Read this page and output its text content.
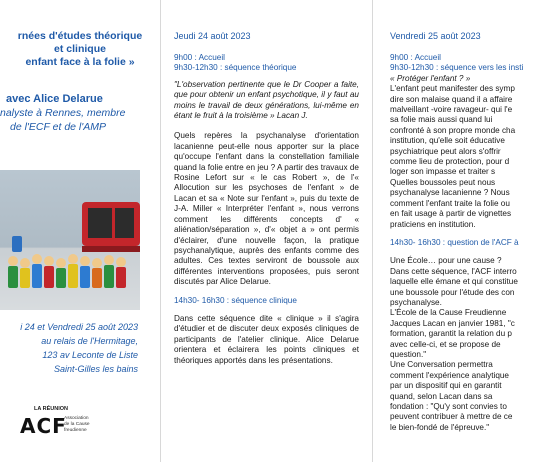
rnées d'études théorique
et clinique
enfant face à la folie »
avec Alice Delarue
nalyste à Rennes, membre
de l'ECF et de l'AMP
i 24 et Vendredi 25 août 2023
au relais de l'Hermitage,
123 av Leconte de Liste
Saint-Gilles les bains
LA RÉUNION
ACF
Association
de la Cause
freudienne
Jeudi 24 août 2023
9h00 : Accueil
9h30-12h30 : séquence théorique
"L'observation pertinente que le Dr Cooper a faite, que pour obtenir un enfant psychotique, il y faut au moins le travail de deux générations, lui-même en étant le fruit à la troisième » Lacan J.

Quels repères la psychanalyse d'orientation lacanienne peut-elle nous apporter sur la place qu'occupe l'enfant dans la constellation familiale quand la folie entre en jeu ? A partir des travaux de Rosine Lefort sur « le cas Robert », de l'« Allocution sur les psychoses de l'enfant » de Lacan et sa « Note sur l'enfant », puis du texte de J-A. Miller « Interpréter l'enfant », nous verrons comment les différents concepts d' « aliénation/séparation », d'« objet a » ont permis d'éclairer, d'une nouvelle façon, la pratique psychanalytique, auprès des enfants comme des adultes. Ces textes serviront de boussole aux différentes interventions proposées, puis seront discutés par Alice Delarue.

14h30- 16h30 : séquence clinique

Dans cette séquence dite « clinique » il s'agira d'étudier et de discuter deux exposés cliniques de participants de l'atelier clinique. Alice Delarue orientera et éclairera les points cliniques et théoriques apportés dans les présentations.

Vendredi 25 août 2023
9h00 : Accueil
9h30-12h30 : séquence vers les insti
« Protéger l'enfant ? »

L'enfant peut manifester des symp

dire son malaise quand il a affaire

malveillant -voire ravageur- qui l'e

sa folie mais aussi quand lui

confronté à son propre monde cha

institution, qu'elle soit éducative

psychiatrique peut alors s'offrir

comme lieu de protection, pour d

loger son impasse et traiter s

Quelles boussoles peut nous

psychanalyse lacanienne ? Nous

comment l'enfant traite la folie ou

en fait usage à partir de vignettes

praticiens en institution.

14h30- 16h30 : question de l'ACF à

Une École… pour une cause ?

Dans cette séquence, l'ACF interro

laquelle elle émane et qui constitue

une boussole pour l'étude des con

psychanalyse.

L'École de la Cause Freudienne

Jacques Lacan en janvier 1981, "c

formation, garantit la relation du p

avec celle-ci, et se propose de

question."

Une Conversation permettra

comment l'expérience analytique

par un dispositif qui en garantit

quand, selon Lacan dans sa

fondation : "Qu'y sont convies to

peuvent contribuer à mettre de ce

le bien-fondé de l'épreuve."
